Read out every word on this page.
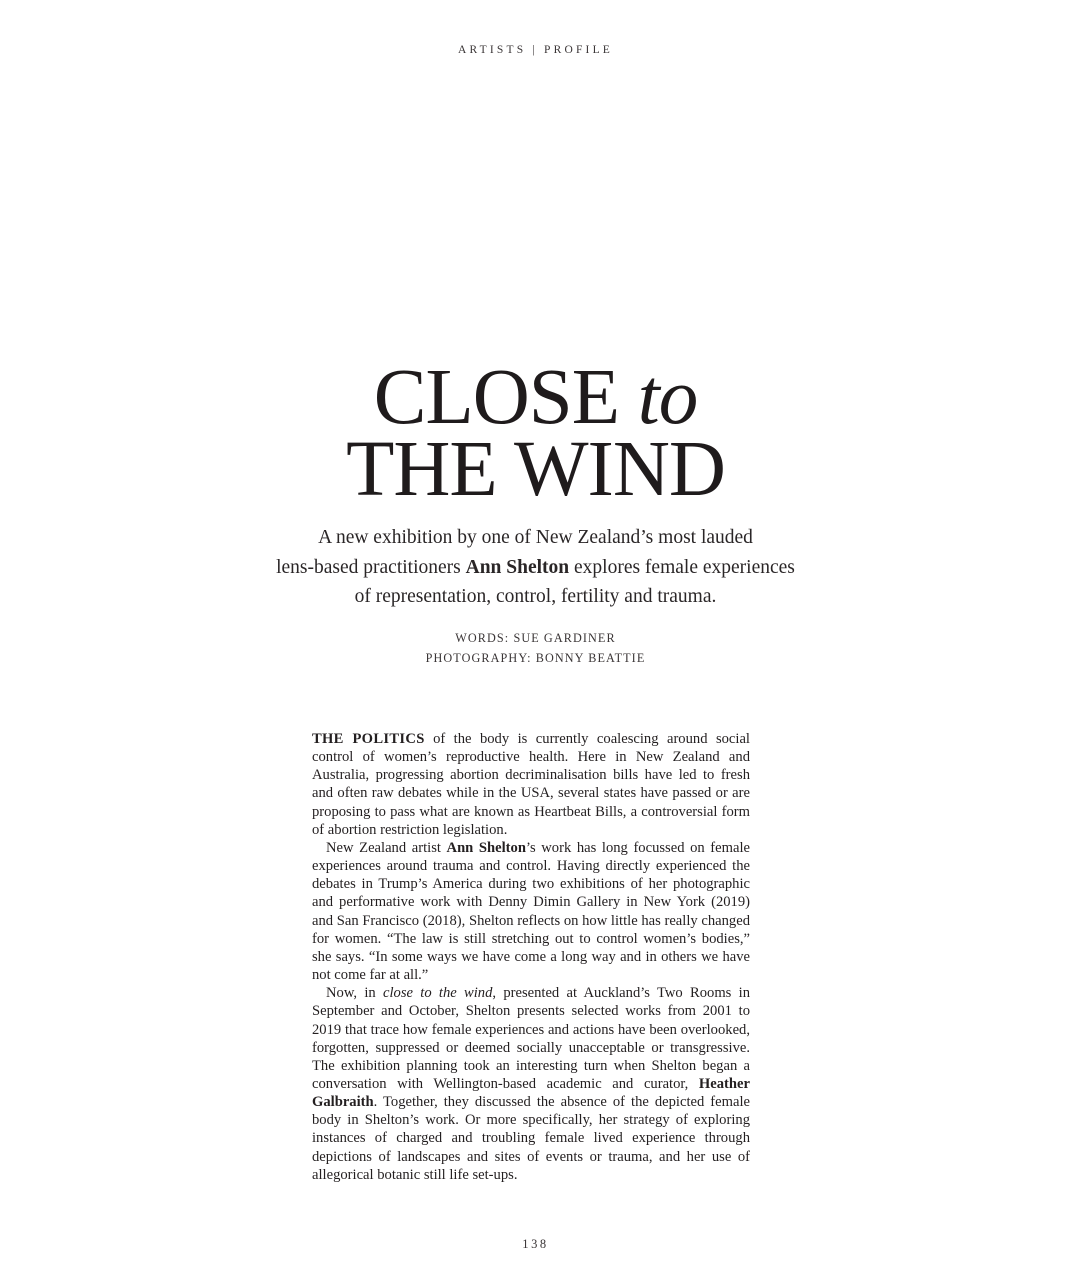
ARTISTS | PROFILE
CLOSE to
THE WIND
A new exhibition by one of New Zealand’s most lauded
lens-based practitioners Ann Shelton explores female experiences
of representation, control, fertility and trauma.
WORDS: SUE GARDINER
PHOTOGRAPHY: BONNY BEATTIE

THE POLITICS of the body is currently coalescing around social control of women’s reproductive health. Here in New Zealand and Australia, progressing abortion decriminalisation bills have led to fresh and often raw debates while in the USA, several states have passed or are proposing to pass what are known as Heartbeat Bills, a controversial form of abortion restriction legislation.

New Zealand artist Ann Shelton’s work has long focussed on female experiences around trauma and control. Having directly experienced the debates in Trump’s America during two exhibitions of her photographic and performative work with Denny Dimin Gallery in New York (2019) and San Francisco (2018), Shelton reflects on how little has really changed for women. “The law is still stretching out to control women’s bodies,” she says. “In some ways we have come a long way and in others we have not come far at all.”

Now, in close to the wind, presented at Auckland’s Two Rooms in September and October, Shelton presents selected works from 2001 to 2019 that trace how female experiences and actions have been overlooked, forgotten, suppressed or deemed socially unacceptable or transgressive. The exhibition planning took an interesting turn when Shelton began a conversation with Wellington-based academic and curator, Heather Galbraith. Together, they discussed the absence of the depicted female body in Shelton’s work. Or more specifically, her strategy of exploring instances of charged and troubling female lived experience through depictions of landscapes and sites of events or trauma, and her use of allegorical botanic still life set-ups.

138
